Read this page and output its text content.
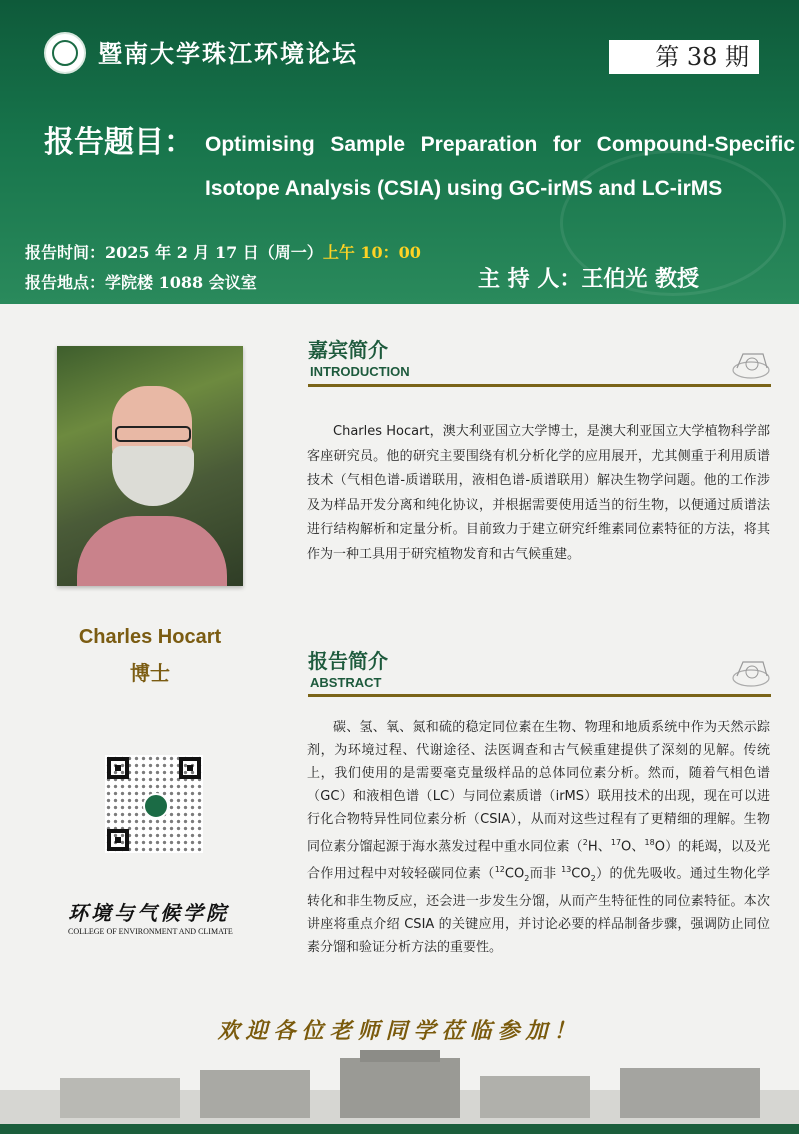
暨南大学珠江环境论坛	第 38 期
报告题目： Optimising Sample Preparation for Compound-Specific Isotope Analysis (CSIA) using GC-irMS and LC-irMS
报告时间：2025 年 2 月 17 日（周一）上午 10：00
报告地点：学院楼 1088 会议室	主 持 人：王伯光 教授
Charles Hocart
博士
嘉宾简介
INTRODUCTION
Charles Hocart，澳大利亚国立大学博士，是澳大利亚国立大学植物科学部客座研究员。他的研究主要围绕有机分析化学的应用展开，尤其侧重于利用质谱技术（气相色谱-质谱联用，液相色谱-质谱联用）解决生物学问题。他的工作涉及为样品开发分离和纯化协议，并根据需要使用适当的衍生物，以便通过质谱法进行结构解析和定量分析。目前致力于建立研究纤维素同位素特征的方法，将其作为一种工具用于研究植物发育和古气候重建。
报告简介
ABSTRACT
碳、氢、氧、氮和硫的稳定同位素在生物、物理和地质系统中作为天然示踪剂，为环境过程、代谢途径、法医调查和古气候重建提供了深刻的见解。传统上，我们使用的是需要毫克量级样品的总体同位素分析。然而，随着气相色谱（GC）和液相色谱（LC）与同位素质谱（irMS）联用技术的出现，现在可以进行化合物特异性同位素分析（CSIA），从而对这些过程有了更精细的理解。生物同位素分馏起源于海水蒸发过程中重水同位素（$^2$H、$^{17}$O、$^{18}$O）的耗竭，以及光合作用过程中对较轻碳同位素（$^{12}CO_2$而非 $^{13}CO_2$）的优先吸收。通过生物化学转化和非生物反应，还会进一步发生分馏，从而产生特征性的同位素特征。本次讲座将重点介绍 CSIA 的关键应用，并讨论必要的样品制备步骤，强调防止同位素分馏和验证分析方法的重要性。
环境与气候学院
COLLEGE OF ENVIRONMENT AND CLIMATE
欢迎各位老师同学莅临参加！
